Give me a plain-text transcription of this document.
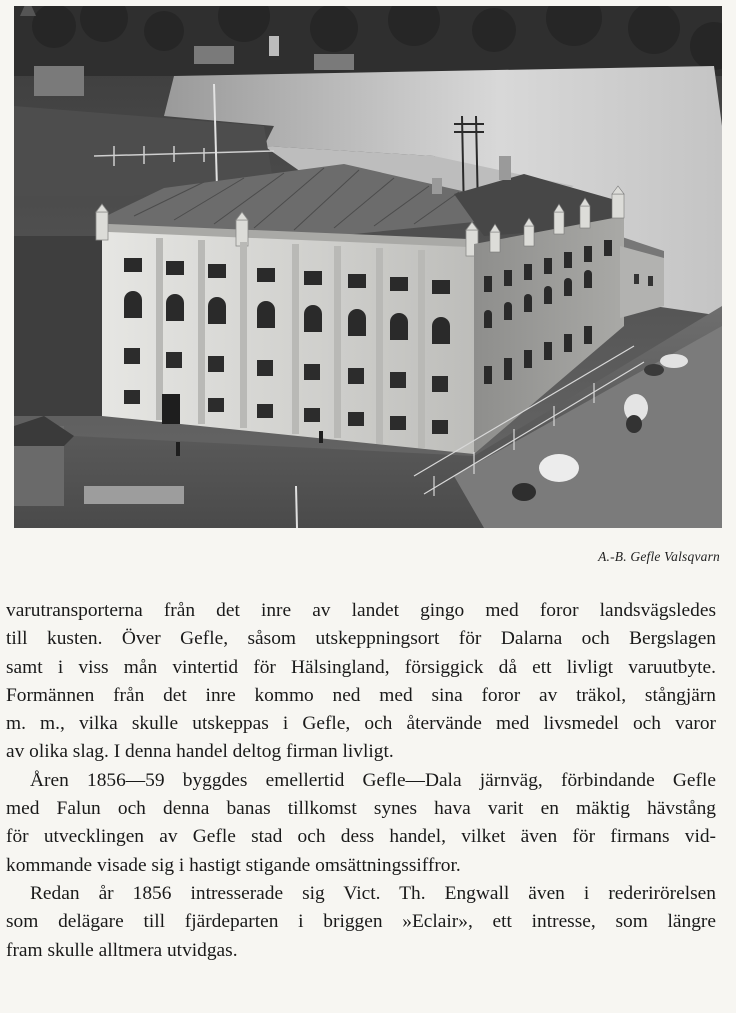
A.-B. Gefle Valsqvarn
varutransporterna från det inre av landet gingo med foror landsvägsledes
till kusten. Över Gefle, såsom utskeppningsort för Dalarna och Bergslagen
samt i viss mån vintertid för Hälsingland, försiggick då ett livligt varuutbyte.
Formännen från det inre kommo ned med sina foror av träkol, stångjärn
m. m., vilka skulle utskeppas i Gefle, och återvände med livsmedel och varor
av olika slag. I denna handel deltog firman livligt.
Åren 1856—59 byggdes emellertid Gefle—Dala järnväg, förbindande Gefle
med Falun och denna banas tillkomst synes hava varit en mäktig hävstång
för utvecklingen av Gefle stad och dess handel, vilket även för firmans vid-
kommande visade sig i hastigt stigande omsättningssiffror.
Redan år 1856 intresserade sig Vict. Th. Engwall även i rederirörelsen
som delägare till fjärdeparten i briggen »Eclair», ett intresse, som längre
fram skulle alltmera utvidgas.
